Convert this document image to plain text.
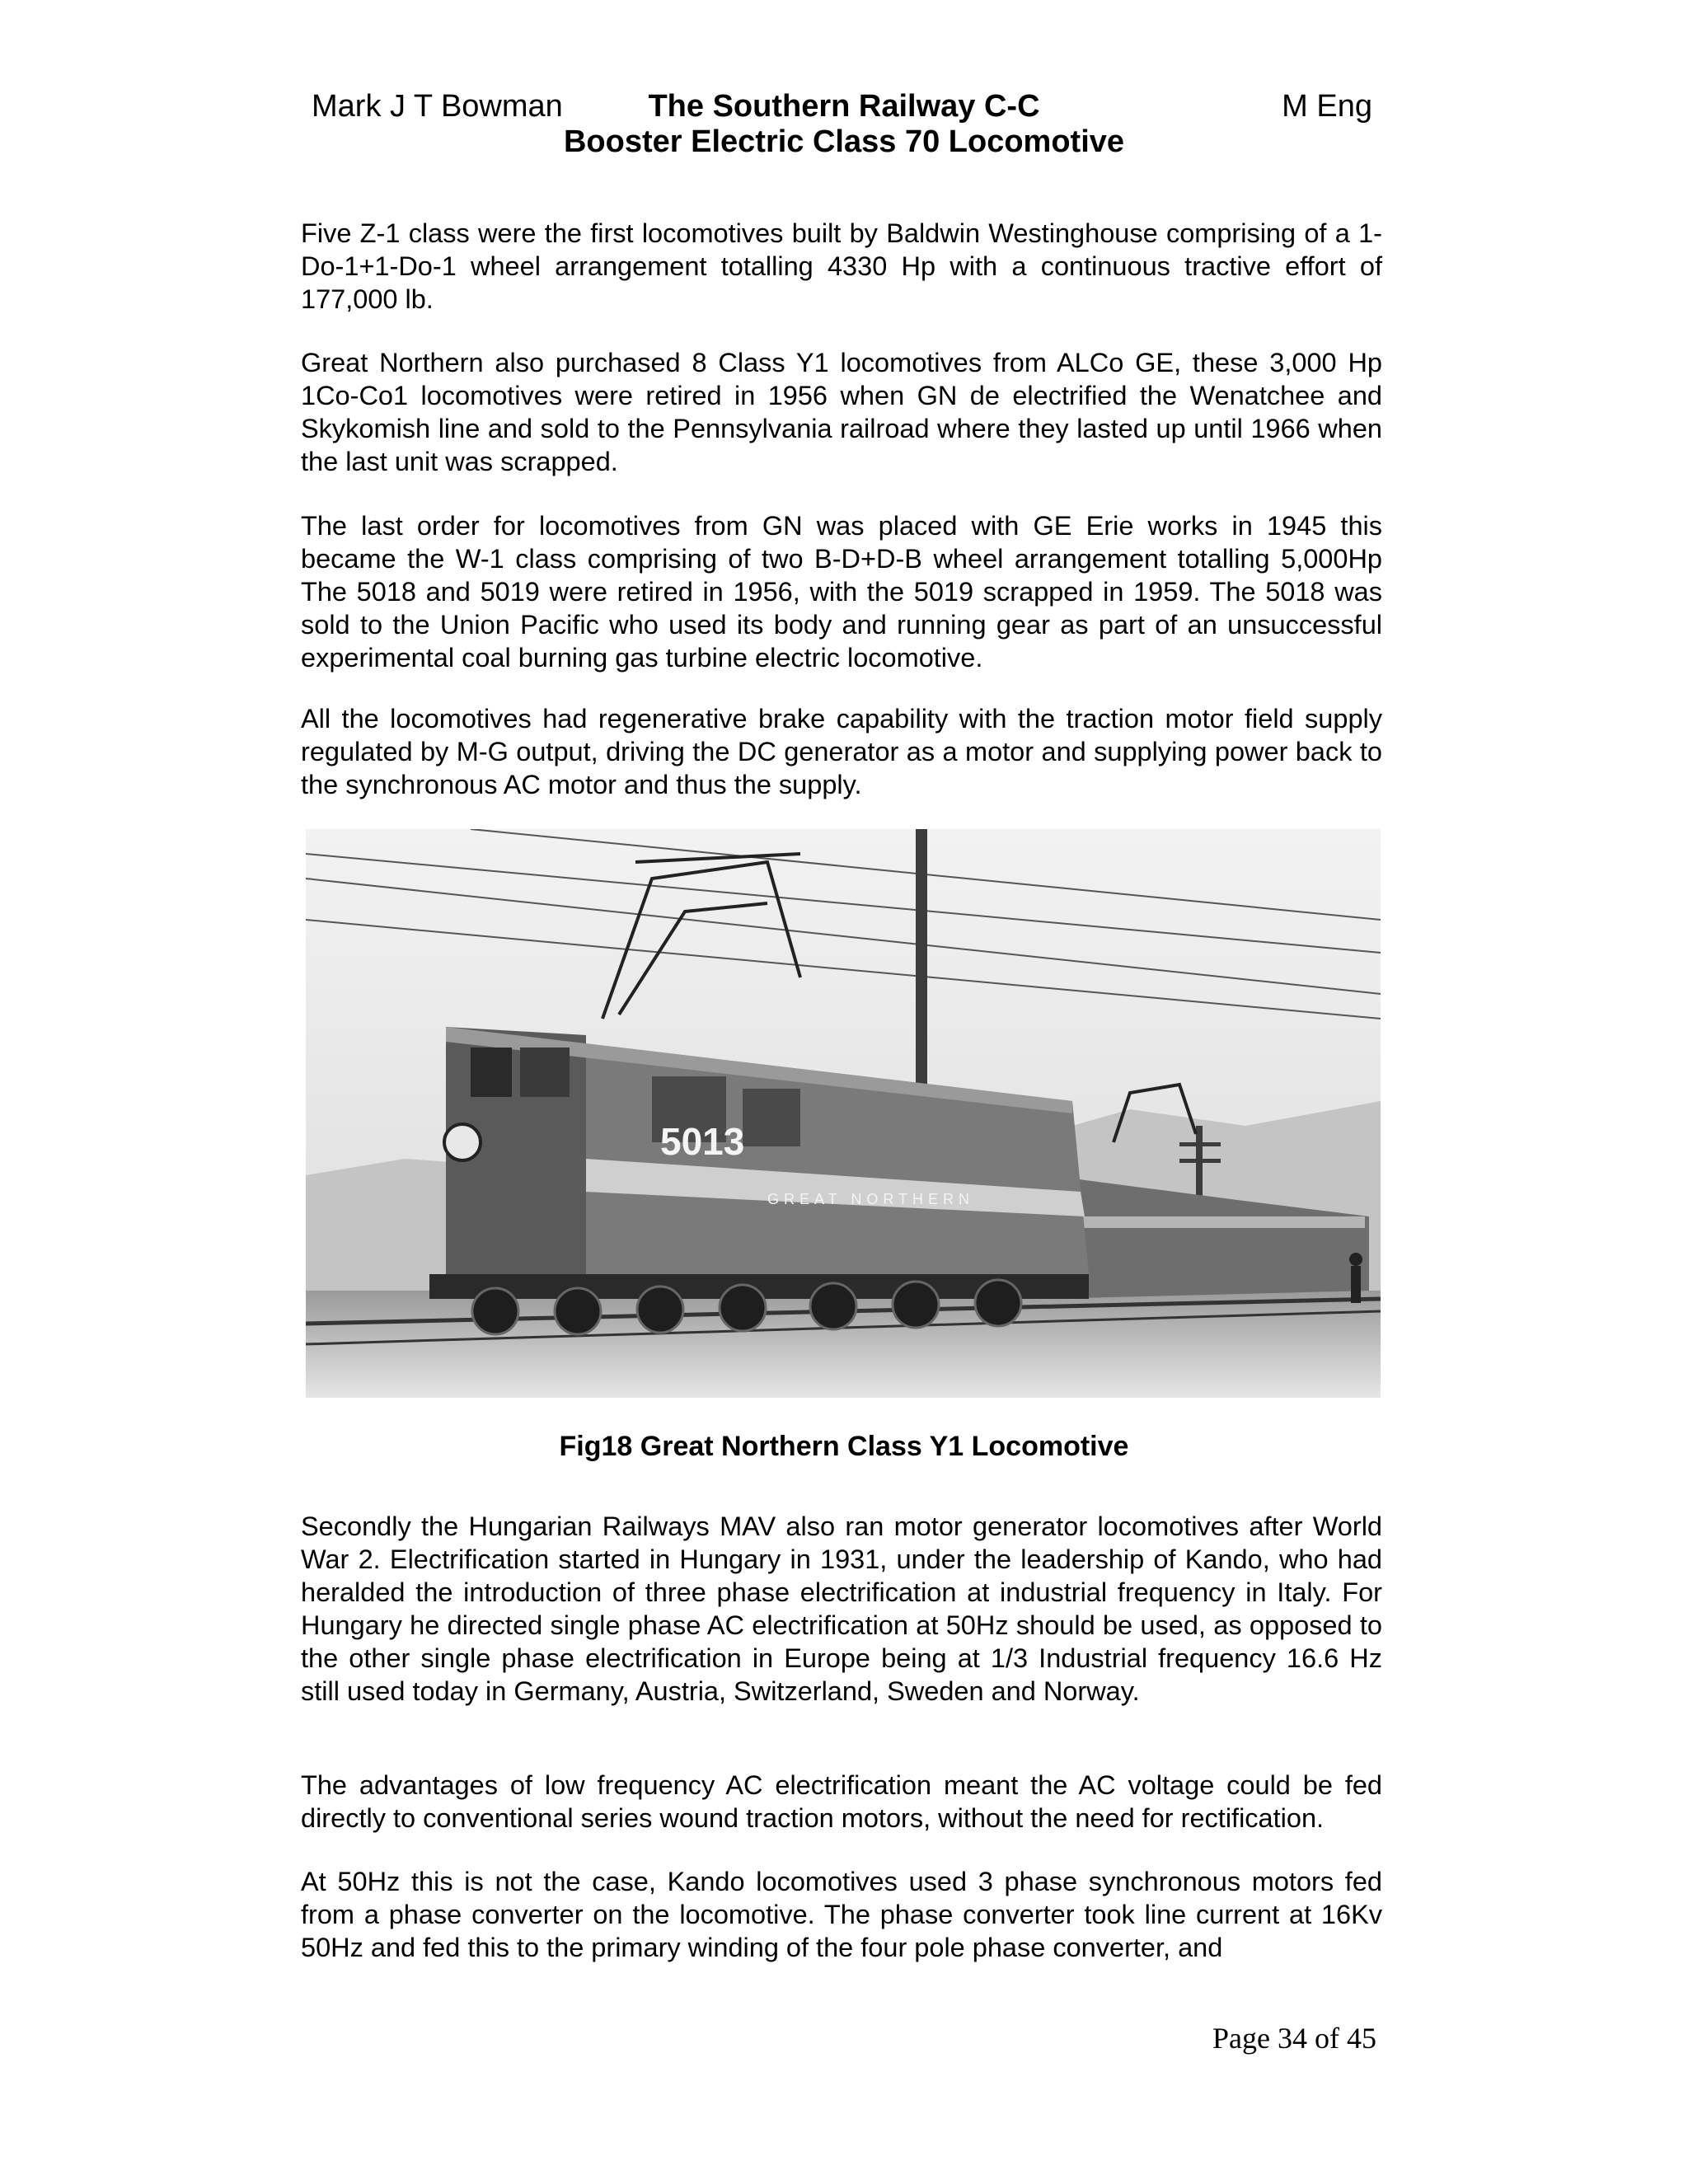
The Southern Railway C-C
Booster Electric Class 70 Locomotive
Mark J T Bowman	M Eng

Five Z-1 class were the first locomotives built by Baldwin Westinghouse comprising of a 1-Do-1+1-Do-1 wheel arrangement totalling 4330 Hp with a continuous tractive effort of 177,000 lb.

Great Northern also purchased 8 Class Y1 locomotives from ALCo GE, these 3,000 Hp 1Co-Co1 locomotives were retired in 1956 when GN de electrified the Wenatchee and Skykomish line and sold to the Pennsylvania railroad where they lasted up until 1966 when the last unit was scrapped.

The last order for locomotives from GN was placed with GE Erie works in 1945 this became the W-1 class comprising of two B-D+D-B wheel arrangement totalling 5,000Hp The 5018 and 5019 were retired in 1956, with the 5019 scrapped in 1959. The 5018 was sold to the Union Pacific who used its body and running gear as part of an unsuccessful experimental coal burning gas turbine electric locomotive.

All the locomotives had regenerative brake capability with the traction motor field supply regulated by M-G output, driving the DC generator as a motor and supplying power back to the synchronous AC motor and thus the supply.

5013
GREAT NORTHERN
Fig18 Great Northern Class Y1 Locomotive

Secondly the Hungarian Railways MAV also ran motor generator locomotives after World War 2. Electrification started in Hungary in 1931, under the leadership of Kando, who had heralded the introduction of three phase electrification at industrial frequency in Italy. For Hungary he directed single phase AC electrification at 50Hz should be used, as opposed to the other single phase electrification in Europe being at 1/3 Industrial frequency 16.6 Hz still used today in Germany, Austria, Switzerland, Sweden and Norway.

The advantages of low frequency AC electrification meant the AC voltage could be fed directly to conventional series wound traction motors, without the need for rectification.

At 50Hz this is not the case, Kando locomotives used 3 phase synchronous motors fed from a phase converter on the locomotive. The phase converter took line current at 16Kv 50Hz and fed this to the primary winding of the four pole phase converter, and

Page 34 of 45
